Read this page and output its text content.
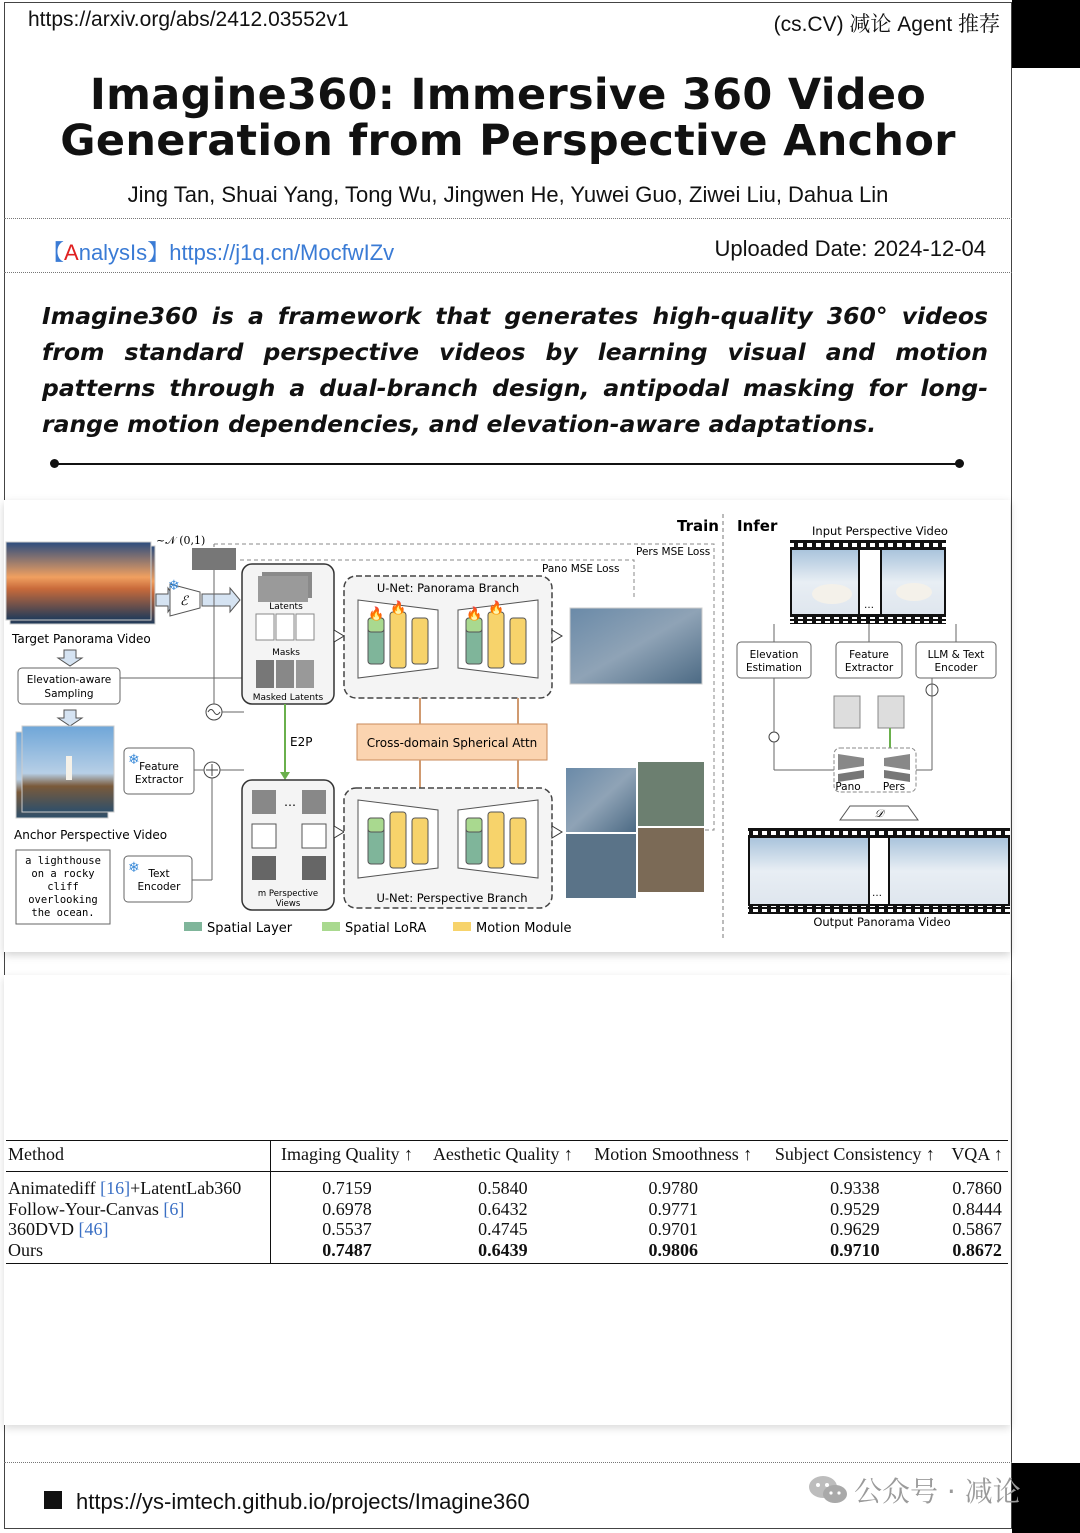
https://arxiv.org/abs/2412.03552v1	(cs.CV) 减论 Agent 推荐
Imagine360: Immersive 360 Video
Generation from Perspective Anchor
Jing Tan, Shuai Yang, Tong Wu, Jingwen He, Yuwei Guo, Ziwei Liu, Dahua Lin
【AnalysIs】https://j1q.cn/MocfwIZv	Uploaded Date: 2024-12-04
Imagine360 is a framework that generates high-quality 360° videos from standard perspective videos by learning visual and motion patterns through a dual-branch design, antipodal masking for long-range motion dependencies, and elevation-aware adaptations.
Train Infer
~𝒩 (0,1)
Pers MSE Loss
Pano MSE Loss
Target Panorama Video
ℰ
❄
Elevation-aware
Sampling
Anchor Perspective Video
❄ Feature
Extractor
a lighthouse
on a rocky
cliff
overlooking
the ocean.
❄ Text
Encoder
Latents
Masks
Masked Latents
E2P
…
m Perspective
Views
U-Net: Panorama Branch
🔥 🔥	🔥 🔥
Cross-domain Spherical Attn
U-Net: Perspective Branch
Spatial Layer	Spatial LoRA	Motion Module
Input Perspective Video
…
Elevation
Estimation
Feature
Extractor
LLM & Text
Encoder
Pano Pers
𝒟
…
Output Panorama Video
Method	Imaging Quality ↑	Aesthetic Quality ↑	Motion Smoothness ↑	Subject Consistency ↑	VQA ↑
Animatediff [16]+LatentLab360	0.7159	0.5840	0.9780	0.9338	0.7860
Follow-Your-Canvas [6]	0.6978	0.6432	0.9771	0.9529	0.8444
360DVD [46]	0.5537	0.4745	0.9701	0.9629	0.5867
Ours	0.7487	0.6439	0.9806	0.9710	0.8672
https://ys-imtech.github.io/projects/Imagine360	公众号 · 减论
